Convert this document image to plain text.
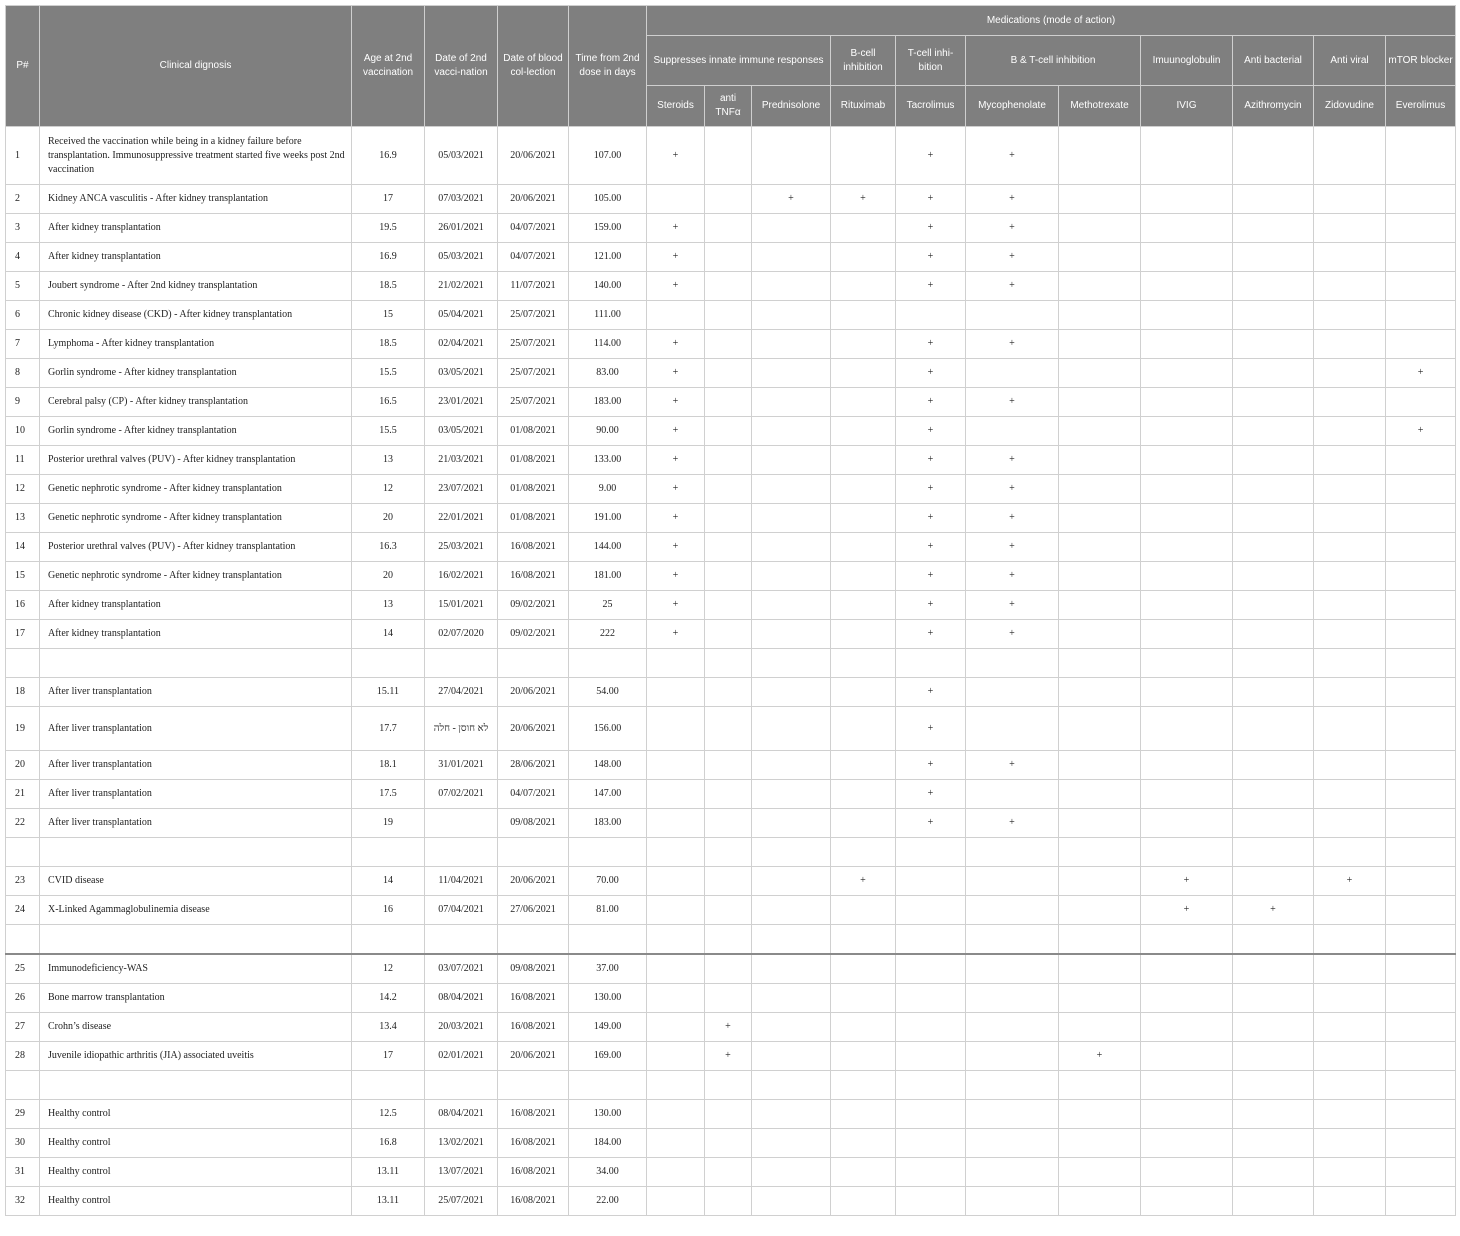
P#	Clinical dignosis	Age at 2nd vaccination	Date of 2nd vacci-nation	Date of blood col-lection	Time from 2nd dose in days	Medications (mode of action)										
						Suppresses innate immune responses			B-cell inhibition	T-cell inhi-bition	B & T-cell inhibition		Imuunoglobulin	Anti bacterial	Anti viral	mTOR blocker
						Steroids	anti TNFα	Prednisolone	Rituximab	Tacrolimus	Mycophenolate	Methotrexate	IVIG	Azithromycin	Zidovudine	Everolimus
1	Received the vaccination while being in a kidney failure before transplantation. Immunosuppressive treatment started five weeks post 2nd vaccination	16.9	05/03/2021	20/06/2021	107.00	+				+	+					
2	Kidney ANCA vasculitis - After kidney transplantation	17	07/03/2021	20/06/2021	105.00			+	+	+	+					
3	After kidney transplantation	19.5	26/01/2021	04/07/2021	159.00	+				+	+					
4	After kidney transplantation	16.9	05/03/2021	04/07/2021	121.00	+				+	+					
5	Joubert syndrome - After 2nd kidney transplantation	18.5	21/02/2021	11/07/2021	140.00	+				+	+					
6	Chronic kidney disease (CKD) - After kidney transplantation	15	05/04/2021	25/07/2021	111.00											
7	Lymphoma - After kidney transplantation	18.5	02/04/2021	25/07/2021	114.00	+				+	+					
8	Gorlin syndrome - After kidney transplantation	15.5	03/05/2021	25/07/2021	83.00	+				+						+
9	Cerebral palsy (CP) - After kidney transplantation	16.5	23/01/2021	25/07/2021	183.00	+				+	+					
10	Gorlin syndrome - After kidney transplantation	15.5	03/05/2021	01/08/2021	90.00	+				+						+
11	Posterior urethral valves (PUV) - After kidney transplantation	13	21/03/2021	01/08/2021	133.00	+				+	+					
12	Genetic nephrotic syndrome - After kidney transplantation	12	23/07/2021	01/08/2021	9.00	+				+	+					
13	Genetic nephrotic syndrome - After kidney transplantation	20	22/01/2021	01/08/2021	191.00	+				+	+					
14	Posterior urethral valves (PUV) - After kidney transplantation	16.3	25/03/2021	16/08/2021	144.00	+				+	+					
15	Genetic nephrotic syndrome - After kidney transplantation	20	16/02/2021	16/08/2021	181.00	+				+	+					
16	After kidney transplantation	13	15/01/2021	09/02/2021	25	+				+	+					
17	After kidney transplantation	14	02/07/2020	09/02/2021	222	+				+	+					

18	After liver transplantation	15.11	27/04/2021	20/06/2021	54.00					+						
19	After liver transplantation	17.7	לא חוסן - חלה	20/06/2021	156.00					+						
20	After liver transplantation	18.1	31/01/2021	28/06/2021	148.00					+	+					
21	After liver transplantation	17.5	07/02/2021	04/07/2021	147.00					+						
22	After liver transplantation	19		09/08/2021	183.00					+	+					

23	CVID disease	14	11/04/2021	20/06/2021	70.00				+				+		+	
24	X-Linked Agammaglobulinemia disease	16	07/04/2021	27/06/2021	81.00								+	+		

25	Immunodeficiency-WAS	12	03/07/2021	09/08/2021	37.00											
26	Bone marrow transplantation	14.2	08/04/2021	16/08/2021	130.00											
27	Crohn’s disease	13.4	20/03/2021	16/08/2021	149.00		+									
28	Juvenile idiopathic arthritis (JIA) associated uveitis	17	02/01/2021	20/06/2021	169.00		+					+				

29	Healthy control	12.5	08/04/2021	16/08/2021	130.00											
30	Healthy control	16.8	13/02/2021	16/08/2021	184.00											
31	Healthy control	13.11	13/07/2021	16/08/2021	34.00											
32	Healthy control	13.11	25/07/2021	16/08/2021	22.00											
